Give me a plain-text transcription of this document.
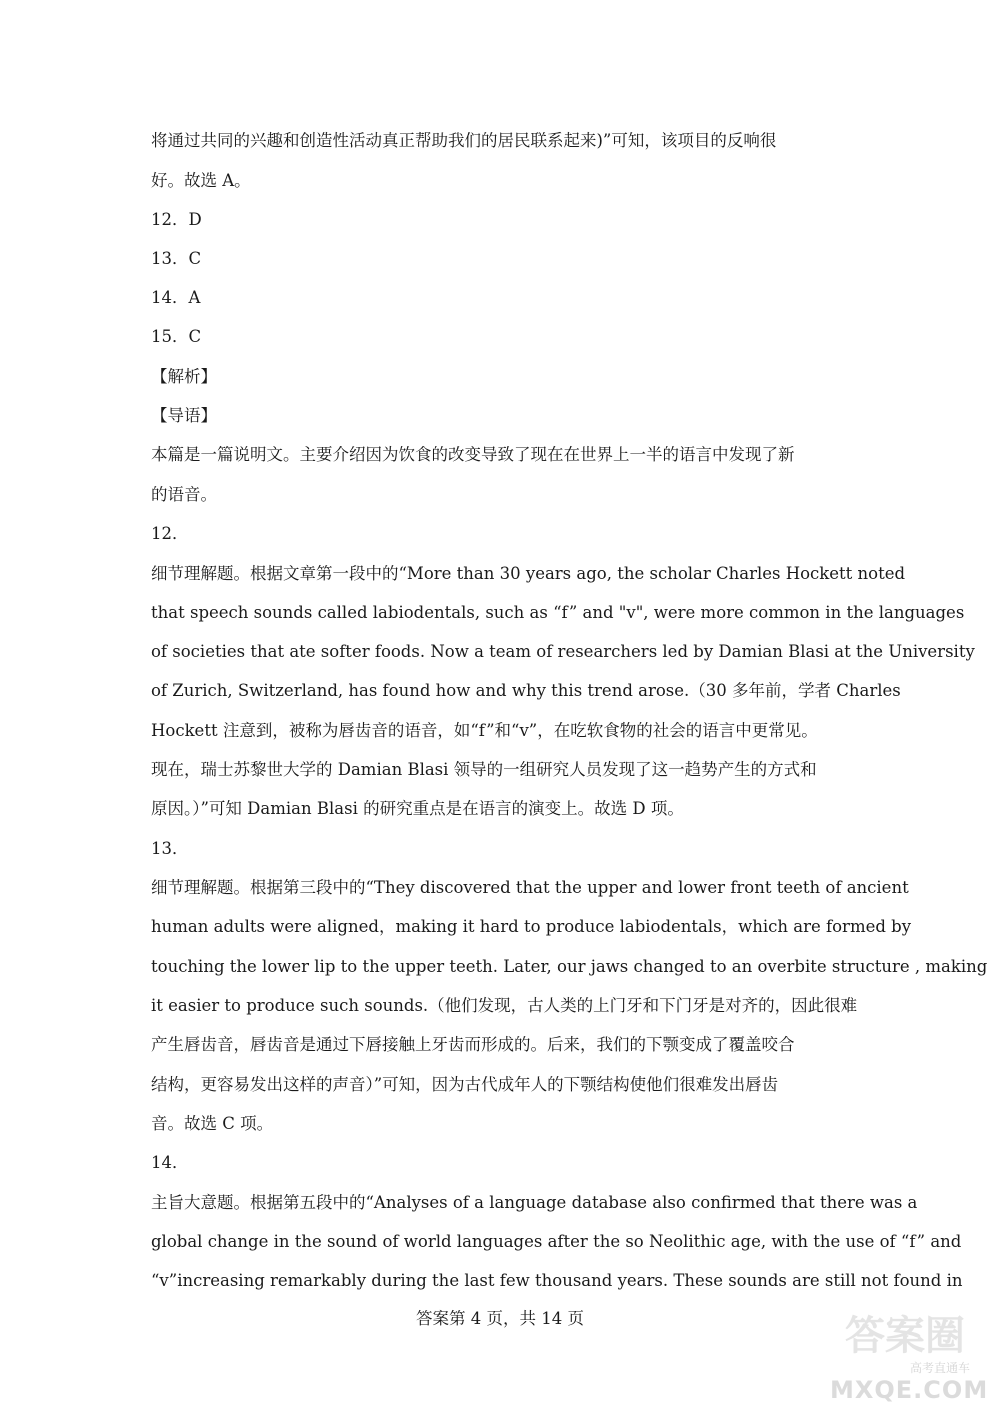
将通过共同的兴趣和创造性活动真正帮助我们的居民联系起来)”可知，该项目的反响很
好。故选 A。
12．D
13．C
14．A
15．C
【解析】
【导语】
本篇是一篇说明文。主要介绍因为饮食的改变导致了现在在世界上一半的语言中发现了新
的语音。
12．
细节理解题。根据文章第一段中的“More than 30 years ago, the scholar Charles Hockett noted
that speech sounds called labiodentals, such as “f” and "v", were more common in the languages
of societies that ate softer foods. Now a team of researchers led by Damian Blasi at the University
of Zurich, Switzerland, has found how and why this trend arose.（30 多年前，学者 Charles
Hockett 注意到，被称为唇齿音的语音，如“f”和“v”，在吃软食物的社会的语言中更常见。
现在，瑞士苏黎世大学的 Damian Blasi 领导的一组研究人员发现了这一趋势产生的方式和
原因。）”可知 Damian Blasi 的研究重点是在语言的演变上。故选 D 项。
13．
细节理解题。根据第三段中的“They discovered that the upper and lower front teeth of ancient
human adults were aligned，making it hard to produce labiodentals，which are formed by
touching the lower lip to the upper teeth. Later, our jaws changed to an overbite structure , making
it easier to produce such sounds.（他们发现，古人类的上门牙和下门牙是对齐的，因此很难
产生唇齿音，唇齿音是通过下唇接触上牙齿而形成的。后来，我们的下颚变成了覆盖咬合
结构，更容易发出这样的声音）”可知，因为古代成年人的下颚结构使他们很难发出唇齿
音。故选 C 项。
14．
主旨大意题。根据第五段中的“Analyses of a language database also confirmed that there was a
global change in the sound of world languages after the so Neolithic age, with the use of “f” and
“v”increasing remarkably during the last few thousand years. These sounds are still not found in
答案第 4 页，共 14 页	答案圈
高考直通车
MXQE.COM
